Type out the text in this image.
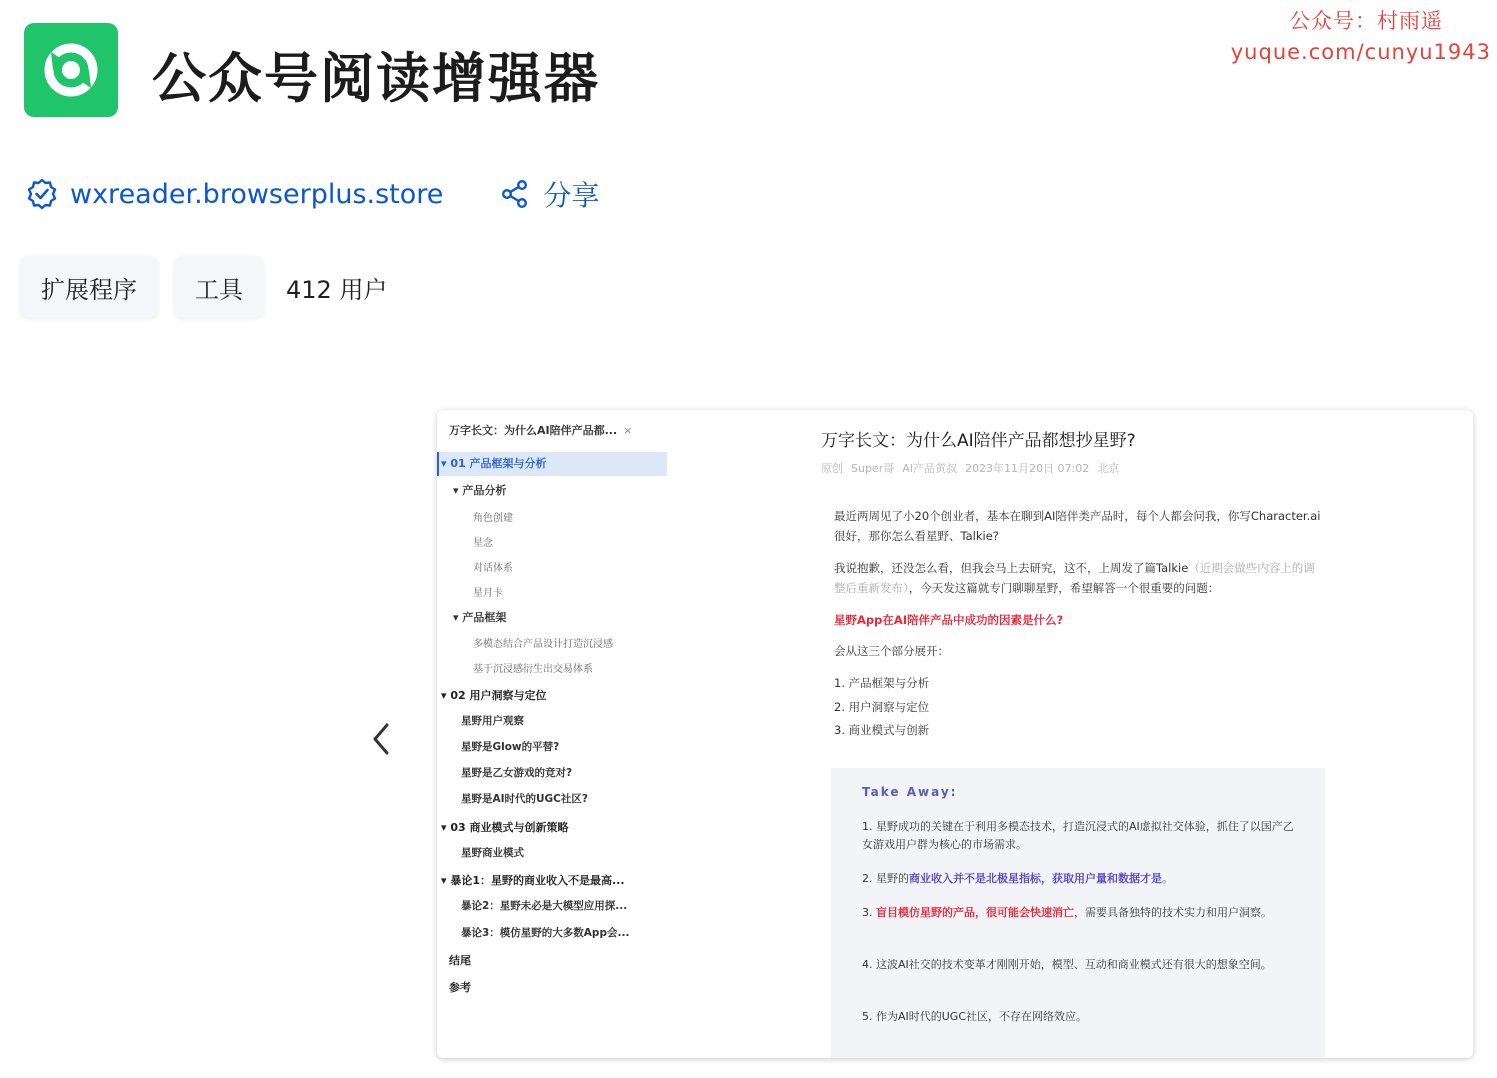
公众号阅读增强器
公众号：村雨遥
yuque.com/cunyu1943
wxreader.browserplus.store	分享
扩展程序	工具	412 用户
万字长文：为什么AI陪伴产品都... ×
▾ 01 产品框架与分析
▾ 产品分析
角色创建
星念
对话体系
星月卡
▾ 产品框架
多模态结合产品设计打造沉浸感
基于沉浸感衍生出交易体系
▾ 02 用户洞察与定位
星野用户观察
星野是Glow的平替?
星野是乙女游戏的竞对?
星野是AI时代的UGC社区?
▾ 03 商业模式与创新策略
星野商业模式
▾ 暴论1：星野的商业收入不是最高...
暴论2：星野未必是大模型应用探...
暴论3：模仿星野的大多数App会...
结尾
参考
万字长文：为什么AI陪伴产品都想抄星野?
原创 Super哥 AI产品黄叔 2023年11月20日 07:02 北京
最近两周见了小20个创业者，基本在聊到AI陪伴类产品时，每个人都会问我，你写Character.ai很好，那你怎么看星野、Talkie?
我说抱歉，还没怎么看，但我会马上去研究，这不，上周发了篇Talkie（近期会做些内容上的调整后重新发布），今天发这篇就专门聊聊星野，希望解答一个很重要的问题：
星野App在AI陪伴产品中成功的因素是什么?
会从这三个部分展开：
1. 产品框架与分析
2. 用户洞察与定位
3. 商业模式与创新
Take Away:
1. 星野成功的关键在于利用多模态技术，打造沉浸式的AI虚拟社交体验，抓住了以国产乙女游戏用户群为核心的市场需求。
2. 星野的商业收入并不是北极星指标，获取用户量和数据才是。
3. 盲目模仿星野的产品，很可能会快速消亡，需要具备独特的技术实力和用户洞察。
4. 这波AI社交的技术变革才刚刚开始，模型、互动和商业模式还有很大的想象空间。
5. 作为AI时代的UGC社区，不存在网络效应。
